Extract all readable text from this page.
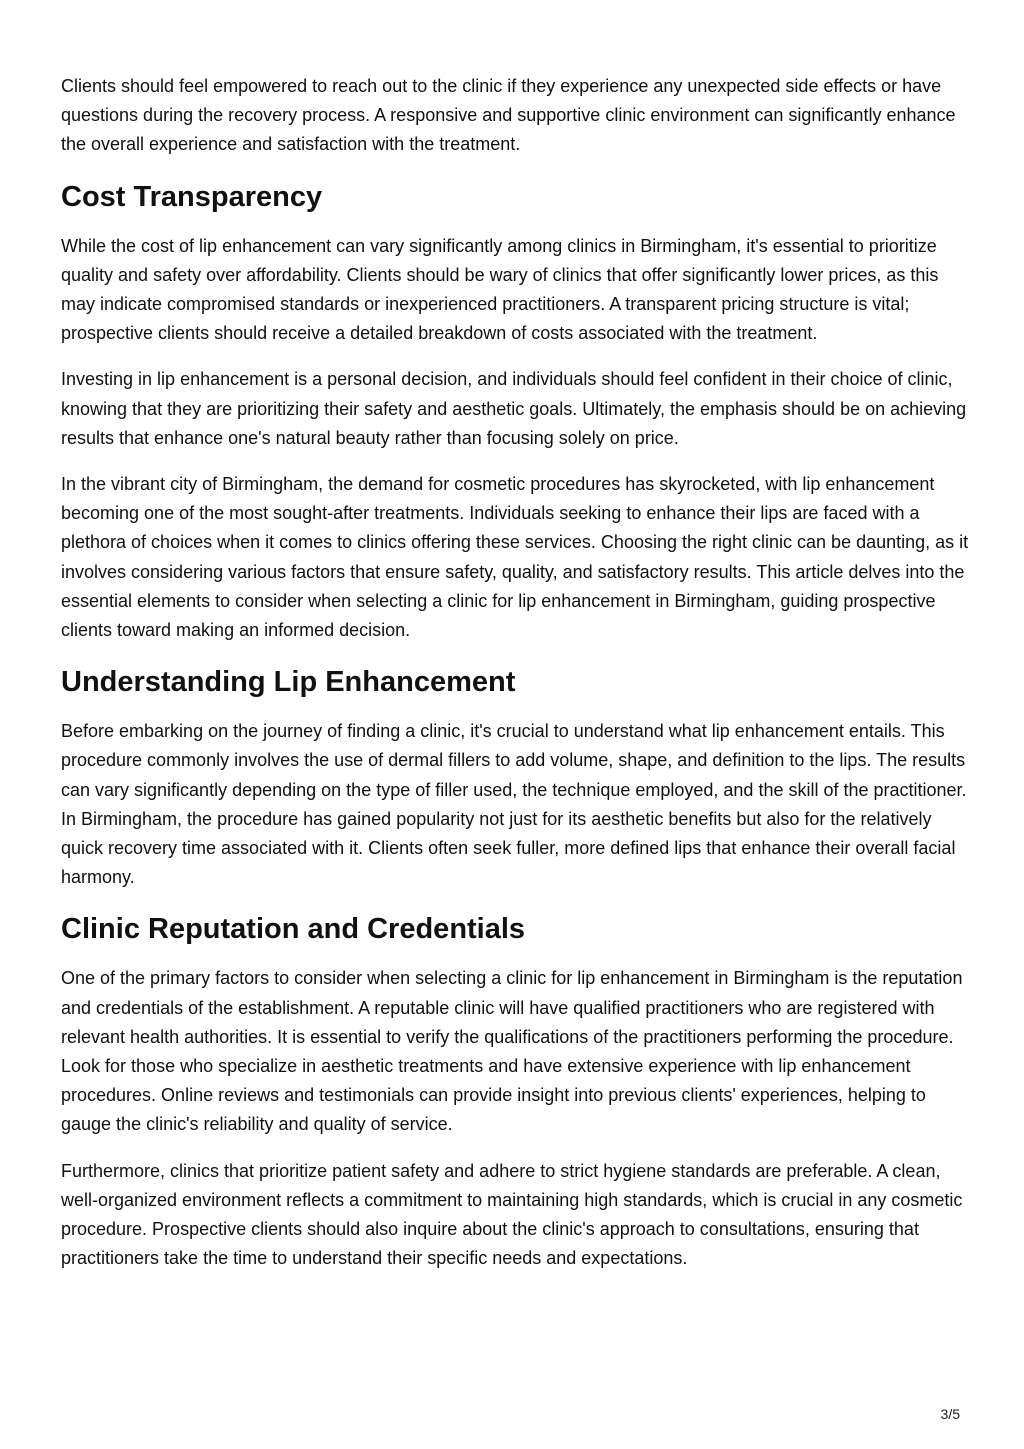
Clients should feel empowered to reach out to the clinic if they experience any unexpected side effects or have questions during the recovery process. A responsive and supportive clinic environment can significantly enhance the overall experience and satisfaction with the treatment.

Cost Transparency

While the cost of lip enhancement can vary significantly among clinics in Birmingham, it's essential to prioritize quality and safety over affordability. Clients should be wary of clinics that offer significantly lower prices, as this may indicate compromised standards or inexperienced practitioners. A transparent pricing structure is vital; prospective clients should receive a detailed breakdown of costs associated with the treatment.

Investing in lip enhancement is a personal decision, and individuals should feel confident in their choice of clinic, knowing that they are prioritizing their safety and aesthetic goals. Ultimately, the emphasis should be on achieving results that enhance one's natural beauty rather than focusing solely on price.

In the vibrant city of Birmingham, the demand for cosmetic procedures has skyrocketed, with lip enhancement becoming one of the most sought-after treatments. Individuals seeking to enhance their lips are faced with a plethora of choices when it comes to clinics offering these services. Choosing the right clinic can be daunting, as it involves considering various factors that ensure safety, quality, and satisfactory results. This article delves into the essential elements to consider when selecting a clinic for lip enhancement in Birmingham, guiding prospective clients toward making an informed decision.

Understanding Lip Enhancement

Before embarking on the journey of finding a clinic, it's crucial to understand what lip enhancement entails. This procedure commonly involves the use of dermal fillers to add volume, shape, and definition to the lips. The results can vary significantly depending on the type of filler used, the technique employed, and the skill of the practitioner. In Birmingham, the procedure has gained popularity not just for its aesthetic benefits but also for the relatively quick recovery time associated with it. Clients often seek fuller, more defined lips that enhance their overall facial harmony.

Clinic Reputation and Credentials

One of the primary factors to consider when selecting a clinic for lip enhancement in Birmingham is the reputation and credentials of the establishment. A reputable clinic will have qualified practitioners who are registered with relevant health authorities. It is essential to verify the qualifications of the practitioners performing the procedure. Look for those who specialize in aesthetic treatments and have extensive experience with lip enhancement procedures. Online reviews and testimonials can provide insight into previous clients' experiences, helping to gauge the clinic's reliability and quality of service.

Furthermore, clinics that prioritize patient safety and adhere to strict hygiene standards are preferable. A clean, well-organized environment reflects a commitment to maintaining high standards, which is crucial in any cosmetic procedure. Prospective clients should also inquire about the clinic's approach to consultations, ensuring that practitioners take the time to understand their specific needs and expectations.

3/5
